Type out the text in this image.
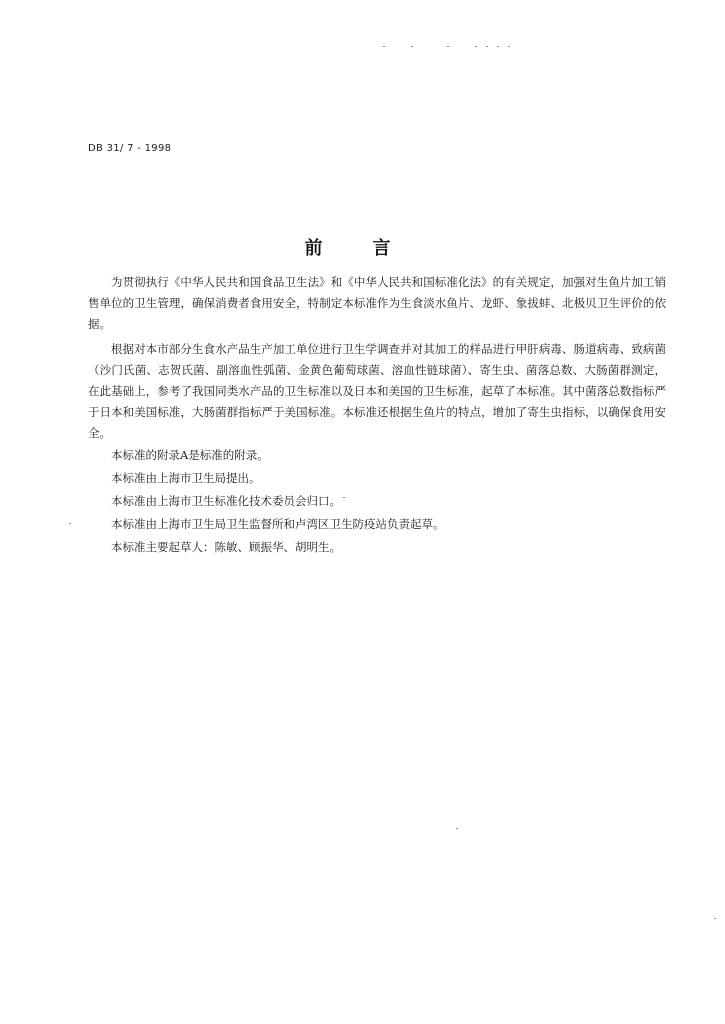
DB 31/ 7 - 1998
前言

为贯彻执行《中华人民共和国食品卫生法》和《中华人民共和国标准化法》的有关规定，加强对生鱼片加工销售单位的卫生管理，确保消费者食用安全，特制定本标准作为生食淡水鱼片、龙虾、象拔蚌、北极贝卫生评价的依据。

根据对本市部分生食水产品生产加工单位进行卫生学调查并对其加工的样品进行甲肝病毒、肠道病毒、致病菌（沙门氏菌、志贺氏菌、副溶血性弧菌、金黄色葡萄球菌、溶血性链球菌）、寄生虫、菌落总数、大肠菌群测定，在此基础上，参考了我国同类水产品的卫生标准以及日本和美国的卫生标准，起草了本标准。其中菌落总数指标严于日本和美国标准，大肠菌群指标严于美国标准。本标准还根据生鱼片的特点，增加了寄生虫指标，以确保食用安全。

本标准的附录A是标准的附录。

本标准由上海市卫生局提出。

本标准由上海市卫生标准化技术委员会归口。

本标准由上海市卫生局卫生监督所和卢湾区卫生防疫站负责起草。

本标准主要起草人：陈敏、顾振华、胡明生。
